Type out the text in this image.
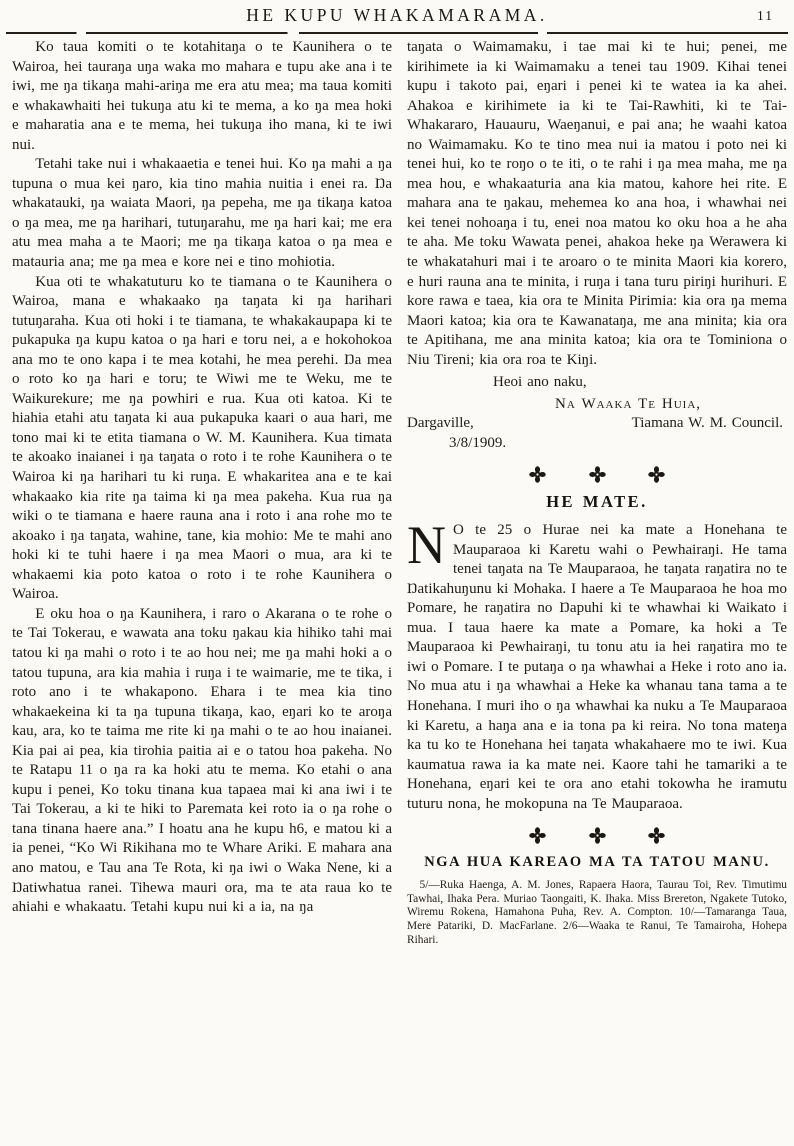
HE KUPU WHAKAMARAMA.	11

Ko taua komiti o te kotahitaŋa o te Kaunihera o te Wairoa, hei tauraŋa uŋa waka mo mahara e tupu ake ana i te iwi, me ŋa tikaŋa mahi-ariŋa me era atu mea; ma taua komiti e whakawhaiti hei tukuŋa atu ki te mema, a ko ŋa mea hoki e maharatia ana e te mema, hei tukuŋa iho mana, ki te iwi nui.

Tetahi take nui i whakaaetia e tenei hui. Ko ŋa mahi a ŋa tupuna o mua kei ŋaro, kia tino mahia nuitia i enei ra. Ŋa whakatauki, ŋa waiata Maori, ŋa pepeha, me ŋa tikaŋa katoa o ŋa mea, me ŋa harihari, tutuŋarahu, me ŋa hari kai; me era atu mea maha a te Maori; me ŋa tikaŋa katoa o ŋa mea e matauria ana; me ŋa mea e kore nei e tino mohiotia.

Kua oti te whakatuturu ko te tiamana o te Kaunihera o Wairoa, mana e whakaako ŋa taŋata ki ŋa harihari tutuŋaraha. Kua oti hoki i te tiamana, te whakakaupapa ki te pukapuka ŋa kupu katoa o ŋa hari e toru nei, a e hokohokoa ana mo te ono kapa i te mea kotahi, he mea perehi. Ŋa mea o roto ko ŋa hari e toru; te Wiwi me te Weku, me te Waikurekure; me ŋa powhiri e rua. Kua oti katoa. Ki te hiahia etahi atu taŋata ki aua pukapuka kaari o aua hari, me tono mai ki te etita tiamana o W. M. Kaunihera. Kua timata te akoako inaianei i ŋa taŋata o roto i te rohe Kaunihera o te Wairoa ki ŋa harihari tu ki ruŋa. E whakaritea ana e te kai whakaako kia rite ŋa taima ki ŋa mea pakeha. Kua rua ŋa wiki o te tiamana e haere rauna ana i roto i ana rohe mo te akoako i ŋa taŋata, wahine, tane, kia mohio: Me te mahi ano hoki ki te tuhi haere i ŋa mea Maori o mua, ara ki te whakaemi kia poto katoa o roto i te rohe Kaunihera o Wairoa.

E oku hoa o ŋa Kaunihera, i raro o Akarana o te rohe o te Tai Tokerau, e wawata ana toku ŋakau kia hihiko tahi mai tatou ki ŋa mahi o roto i te ao hou nei; me ŋa mahi hoki a o tatou tupuna, ara kia mahia i ruŋa i te waimarie, me te tika, i roto ano i te whakapono. Ehara i te mea kia tino whakaekeina ki ta ŋa tupuna tikaŋa, kao, eŋari ko te aroŋa kau, ara, ko te taima me rite ki ŋa mahi o te ao hou inaianei. Kia pai ai pea, kia tirohia paitia ai e o tatou hoa pakeha. No te Ratapu 11 o ŋa ra ka hoki atu te mema. Ko etahi o ana kupu i penei, Ko toku tinana kua tapaea mai ki ana iwi i te Tai Tokerau, a ki te hiki to Paremata kei roto ia o ŋa rohe o tana tinana haere ana.” I hoatu ana he kupu h6, e matou ki a ia penei, “Ko Wi Rikihana mo te Whare Ariki. E mahara ana ano matou, e Tau ana Te Rota, ki ŋa iwi o Waka Nene, ki a Ŋatiwhatua ranei. Tihewa mauri ora, ma te ata raua ko te ahiahi e whakaatu. Tetahi kupu nui ki a ia, na ŋa

taŋata o Waimamaku, i tae mai ki te hui; penei, me kirihimete ia ki Waimamaku a tenei tau 1909. Kihai tenei kupu i takoto pai, eŋari i penei ki te watea ia ka ahei. Ahakoa e kirihimete ia ki te Tai-Rawhiti, ki te Tai-Whakararo, Hauauru, Waeŋanui, e pai ana; he waahi katoa no Waimamaku. Ko te tino mea nui ia matou i poto nei ki tenei hui, ko te roŋo o te iti, o te rahi i ŋa mea maha, me ŋa mea hou, e whakaaturia ana kia matou, kahore hei rite. E mahara ana te ŋakau, mehemea ko ana hoa, i whawhai nei kei tenei nohoaŋa i tu, enei noa matou ko oku hoa a he aha te aha. Me toku Wawata penei, ahakoa heke ŋa Werawera ki te whakatahuri mai i te aroaro o te minita Maori kia korero, e huri rauna ana te minita, i ruŋa i tana turu piriŋi hurihuri. E kore rawa e taea, kia ora te Minita Pirimia: kia ora ŋa mema Maori katoa; kia ora te Kawanataŋa, me ana minita; kia ora te Apitihana, me ana minita katoa; kia ora te Tominiona o Niu Tireni; kia ora roa te Kiŋi.

Heoi ano naku,

Na Waaka Te Huia,

Dargaville,	Tiamana W. M. Council.

3/8/1909.

HE MATE.

N O te 25 o Hurae nei ka mate a Honehana te Mauparaoa ki Karetu wahi o Pewhairaŋi. He tama tenei taŋata na Te Mauparaoa, he taŋata raŋatira no te Ŋatikahuŋunu ki Mohaka. I haere a Te Mauparaoa he hoa mo Pomare, he raŋatira no Ŋapuhi ki te whawhai ki Waikato i mua. I taua haere ka mate a Pomare, ka hoki a Te Mauparaoa ki Pewhairaŋi, tu tonu atu ia hei raŋatira mo te iwi o Pomare. I te putaŋa o ŋa whawhai a Heke i roto ano ia. No mua atu i ŋa whawhai a Heke ka whanau tana tama a te Honehana. I muri iho o ŋa whawhai ka nuku a Te Mauparaoa ki Karetu, a haŋa ana e ia tona pa ki reira. No tona mateŋa ka tu ko te Honehana hei taŋata whakahaere mo te iwi. Kua kaumatua rawa ia ka mate nei. Kaore tahi he tamariki a te Honehana, eŋari kei te ora ano etahi tokowha he iramutu tuturu nona, he mokopuna na Te Mauparaoa.

NGA HUA KAREAO MA TA TATOU MANU.

5/—Ruka Haenga, A. M. Jones, Rapaera Haora, Taurau Toi, Rev. Timutimu Tawhai, Ihaka Pera. Muriao Taongaiti, K. Ihaka. Miss Brereton, Ngakete Tutoko, Wiremu Rokena, Hamahona Puha, Rev. A. Compton. 10/—Tamaranga Taua, Mere Patariki, D. MacFarlane. 2/6—Waaka te Ranui, Te Tamairoha, Hohepa Rihari.
